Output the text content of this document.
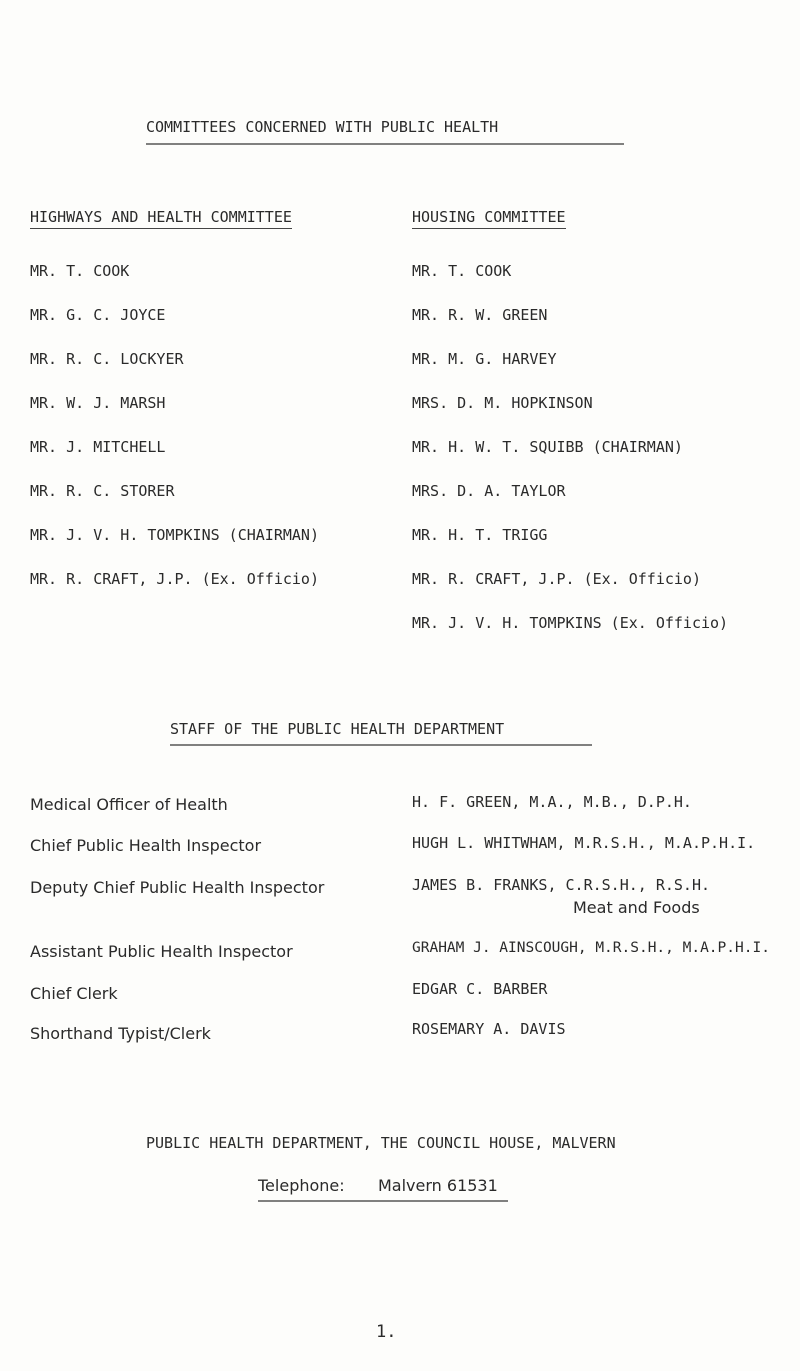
COMMITTEES CONCERNED WITH PUBLIC HEALTH
HIGHWAYS AND HEALTH COMMITTEE
MR. T. COOK
MR. G. C. JOYCE
MR. R. C. LOCKYER
MR. W. J. MARSH
MR. J. MITCHELL
MR. R. C. STORER
MR. J. V. H. TOMPKINS (CHAIRMAN)
MR. R. CRAFT, J.P. (Ex. Officio)
HOUSING COMMITTEE
MR. T. COOK
MR. R. W. GREEN
MR. M. G. HARVEY
MRS. D. M. HOPKINSON
MR. H. W. T. SQUIBB (CHAIRMAN)
MRS. D. A. TAYLOR
MR. H. T. TRIGG
MR. R. CRAFT, J.P. (Ex. Officio)
MR. J. V. H. TOMPKINS (Ex. Officio)
STAFF OF THE PUBLIC HEALTH DEPARTMENT
Medical Officer of Health	H. F. GREEN, M.A., M.B., D.P.H.
Chief Public Health Inspector	HUGH L. WHITWHAM, M.R.S.H., M.A.P.H.I.
Deputy Chief Public Health Inspector	JAMES B. FRANKS, C.R.S.H., R.S.H.
Meat and Foods
Assistant Public Health Inspector	GRAHAM J. AINSCOUGH, M.R.S.H., M.A.P.H.I.
Chief Clerk	EDGAR C. BARBER
Shorthand Typist/Clerk	ROSEMARY A. DAVIS
PUBLIC HEALTH DEPARTMENT, THE COUNCIL HOUSE, MALVERN
Telephone: Malvern 61531
1.
